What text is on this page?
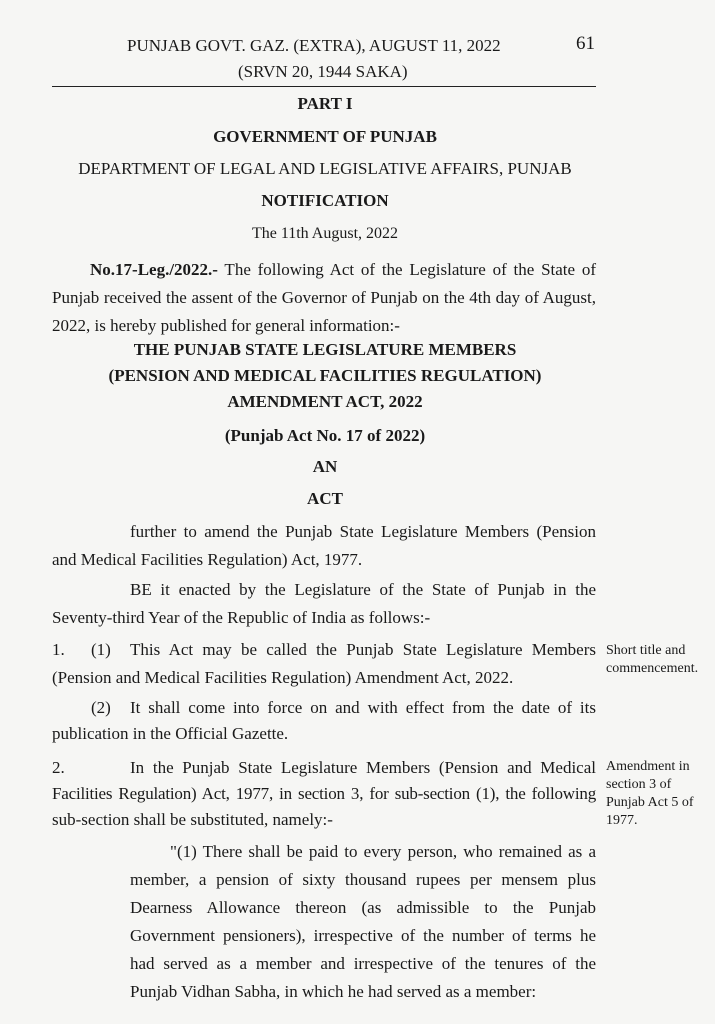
PUNJAB GOVT. GAZ. (EXTRA), AUGUST 11, 2022	61
(SRVN 20, 1944 SAKA)
PART I
GOVERNMENT OF PUNJAB
DEPARTMENT OF LEGAL AND LEGISLATIVE AFFAIRS, PUNJAB
NOTIFICATION
The 11th August, 2022
No.17-Leg./2022.- The following Act of the Legislature of the State of
Punjab received the assent of the Governor of Punjab on the 4th day of August,
2022, is hereby published for general information:-
THE PUNJAB STATE LEGISLATURE MEMBERS
(PENSION AND MEDICAL FACILITIES REGULATION)
AMENDMENT ACT, 2022
(Punjab Act No. 17 of 2022)
AN
ACT
further to amend the Punjab State Legislature Members (Pension
and Medical Facilities Regulation) Act, 1977.
BE it enacted by the Legislature of the State of Punjab in the
Seventy-third Year of the Republic of India as follows:-
1. (1) This Act may be called the Punjab State Legislature Members
(Pension and Medical Facilities Regulation) Amendment Act, 2022.
Short title and commencement.
(2) It shall come into force on and with effect from the date of its
publication in the Official Gazette.
2.	In the Punjab State Legislature Members (Pension and Medical
Facilities Regulation) Act, 1977, in section 3, for sub-section (1), the following
sub-section shall be substituted, namely:-
Amendment in section 3 of Punjab Act 5 of 1977.
"(1) There shall be paid to every person, who remained as a
member, a pension of sixty thousand rupees per mensem plus
Dearness Allowance thereon (as admissible to the Punjab
Government pensioners), irrespective of the number of terms he
had served as a member and irrespective of the tenures of the
Punjab Vidhan Sabha, in which he had served as a member:
